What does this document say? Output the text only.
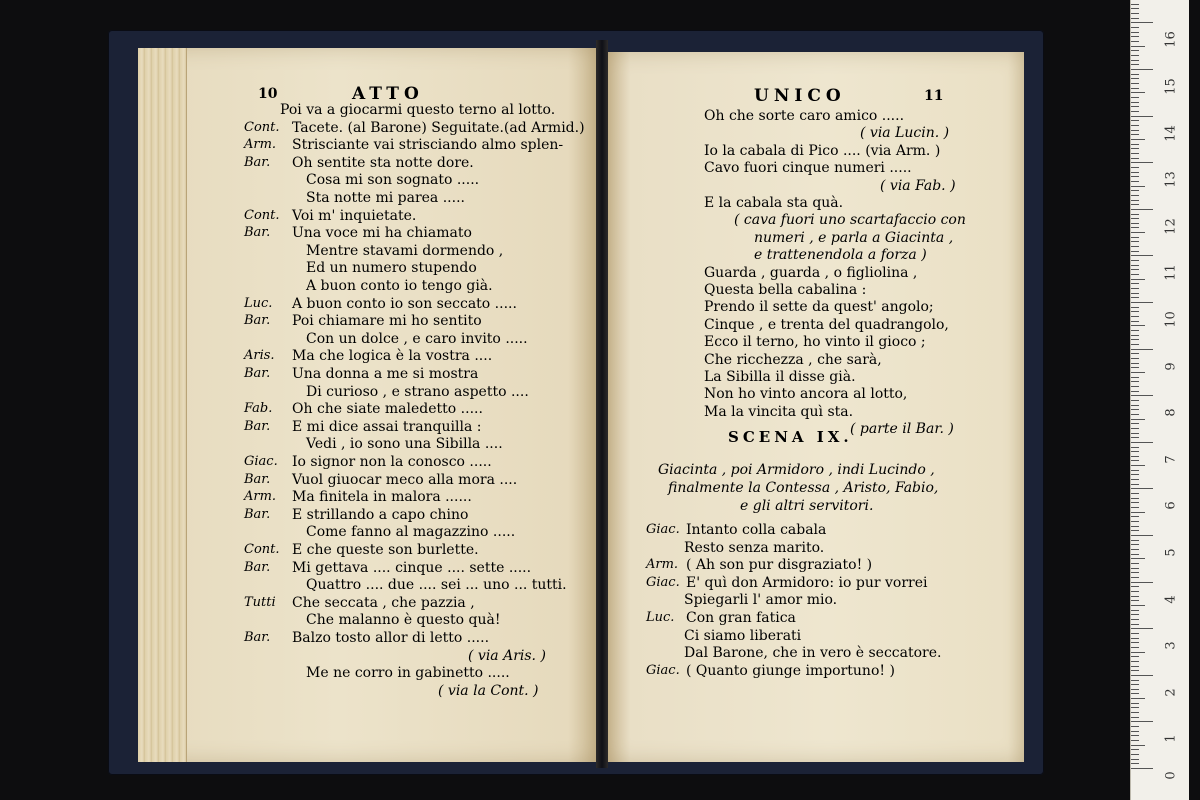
10	ATTO
Poi va a giocarmi questo terno al lotto.
Cont. Tacete. (al Barone) Seguitate.(ad Armid.)
Arm. Strisciante vai strisciando almo splen-
Bar. Oh sentite sta notte dore.
Cosa mi son sognato .....
Sta notte mi parea .....
Cont. Voi m' inquietate.
Bar. Una voce mi ha chiamato
Mentre stavami dormendo ,
Ed un numero stupendo
A buon conto io tengo già.
Luc. A buon conto io son seccato .....
Bar. Poi chiamare mi ho sentito
Con un dolce , e caro invito .....
Aris. Ma che logica è la vostra ....
Bar. Una donna a me si mostra
Di curioso , e strano aspetto ....
Fab. Oh che siate maledetto .....
Bar. E mi dice assai tranquilla :
Vedi , io sono una Sibilla ....
Giac. Io signor non la conosco .....
Bar. Vuol giuocar meco alla mora ....
Arm. Ma finitela in malora ......
Bar. E strillando a capo chino
Come fanno al magazzino .....
Cont. E che queste son burlette.
Bar. Mi gettava .... cinque .... sette .....
Quattro .... due .... sei ... uno ... tutti.
Tutti Che seccata , che pazzia ,
Che malanno è questo quà!
Bar. Balzo tosto allor di letto .....
( via Aris. )
Me ne corro in gabinetto .....
( via la Cont. )
UNICO	11
Oh che sorte caro amico .....
( via Lucin. )
Io la cabala di Pico .... (via Arm. )
Cavo fuori cinque numeri .....
( via Fab. )
E la cabala sta quà.
( cava fuori uno scartafaccio con
numeri , e parla a Giacinta ,
e trattenendola a forza )
Guarda , guarda , o figliolina ,
Questa bella cabalina :
Prendo il sette da quest' angolo;
Cinque , e trenta del quadrangolo,
Ecco il terno, ho vinto il gioco ;
Che ricchezza , che sarà,
La Sibilla il disse già.
Non ho vinto ancora al lotto,
Ma la vincita quì sta.
( parte il Bar. )
SCENA IX.
Giacinta , poi Armidoro , indi Lucindo ,
finalmente la Contessa , Aristo, Fabio,
e gli altri servitori.
Giac. Intanto colla cabala
Resto senza marito.
Arm. ( Ah son pur disgraziato! )
Giac. E' quì don Armidoro: io pur vorrei
Spiegarli l' amor mio.
Luc. Con gran fatica
Ci siamo liberati
Dal Barone, che in vero è seccatore.
Giac. ( Quanto giunge importuno! )
0
1
2
3
4
5
6
7
8
9
10
11
12
13
14
15
16
